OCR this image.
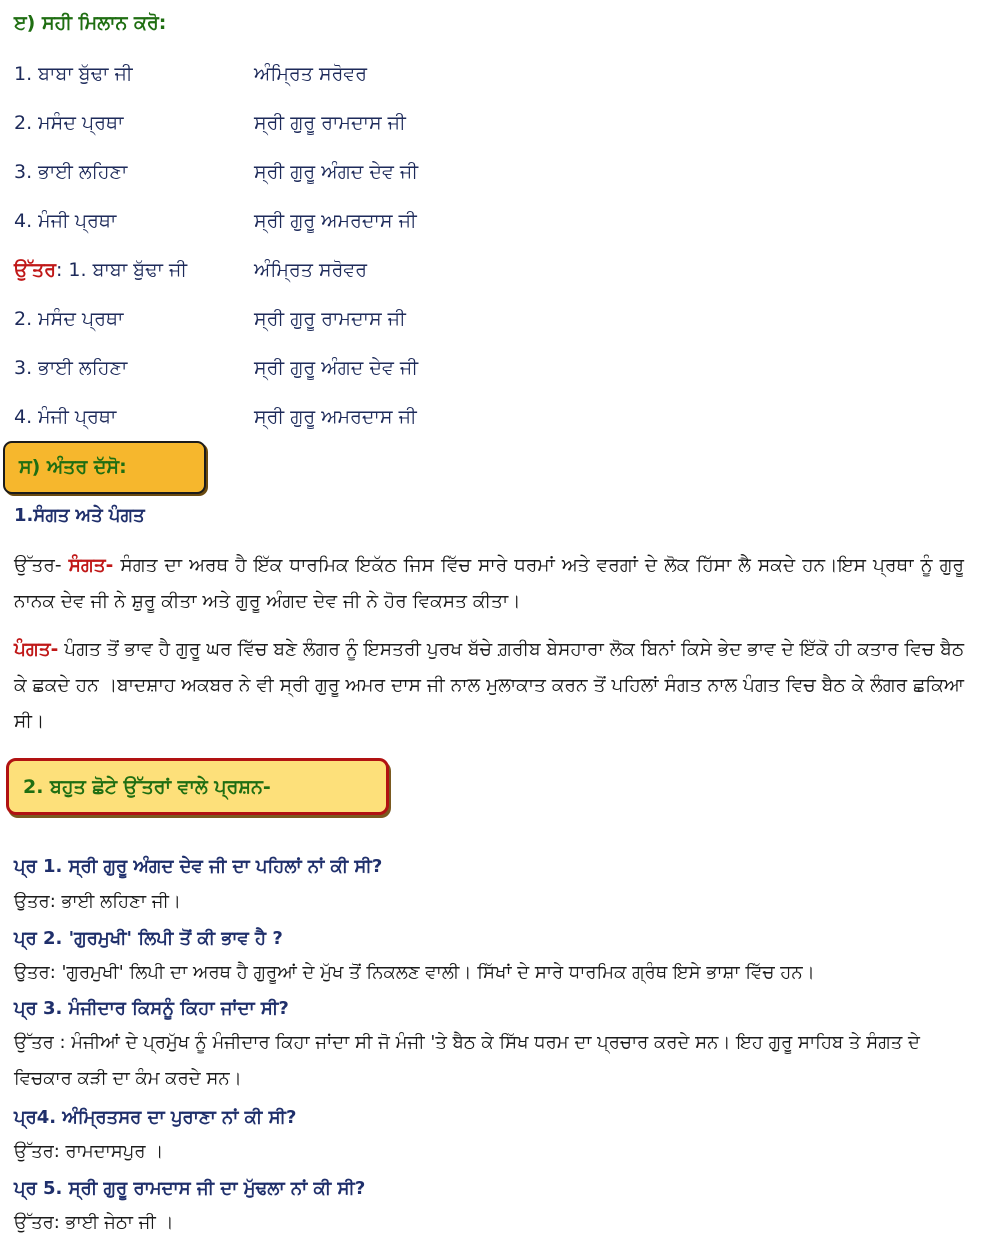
ੲ) ਸਹੀ ਮਿਲਾਨ ਕਰੋ:
1. ਬਾਬਾ ਬੁੱਢਾ ਜੀ	ਅੰਮ੍ਰਿਤ ਸਰੋਵਰ
2. ਮਸੰਦ ਪ੍ਰਥਾ	ਸ੍ਰੀ ਗੁਰੂ ਰਾਮਦਾਸ ਜੀ
3. ਭਾਈ ਲਹਿਣਾ	ਸ੍ਰੀ ਗੁਰੂ ਅੰਗਦ ਦੇਵ ਜੀ
4. ਮੰਜੀ ਪ੍ਰਥਾ	ਸ੍ਰੀ ਗੁਰੂ ਅਮਰਦਾਸ ਜੀ
ਉੱਤਰ: 1. ਬਾਬਾ ਬੁੱਢਾ ਜੀ	ਅੰਮ੍ਰਿਤ ਸਰੋਵਰ
2. ਮਸੰਦ ਪ੍ਰਥਾ	ਸ੍ਰੀ ਗੁਰੂ ਰਾਮਦਾਸ ਜੀ
3. ਭਾਈ ਲਹਿਣਾ	ਸ੍ਰੀ ਗੁਰੂ ਅੰਗਦ ਦੇਵ ਜੀ
4. ਮੰਜੀ ਪ੍ਰਥਾ	ਸ੍ਰੀ ਗੁਰੂ ਅਮਰਦਾਸ ਜੀ
ਸ) ਅੰਤਰ ਦੱਸੋ:
1.ਸੰਗਤ ਅਤੇ ਪੰਗਤ
ਉੱਤਰ- ਸੰਗਤ- ਸੰਗਤ ਦਾ ਅਰਥ ਹੈ ਇੱਕ ਧਾਰਮਿਕ ਇਕੱਠ ਜਿਸ ਵਿੱਚ ਸਾਰੇ ਧਰਮਾਂ ਅਤੇ ਵਰਗਾਂ ਦੇ ਲੋਕ ਹਿੱਸਾ ਲੈ ਸਕਦੇ ਹਨ।ਇਸ ਪ੍ਰਥਾ ਨੂੰ ਗੁਰੂ ਨਾਨਕ ਦੇਵ ਜੀ ਨੇ ਸ਼ੁਰੂ ਕੀਤਾ ਅਤੇ ਗੁਰੂ ਅੰਗਦ ਦੇਵ ਜੀ ਨੇ ਹੋਰ ਵਿਕਸਤ ਕੀਤਾ।
ਪੰਗਤ- ਪੰਗਤ ਤੋਂ ਭਾਵ ਹੈ ਗੁਰੂ ਘਰ ਵਿੱਚ ਬਣੇ ਲੰਗਰ ਨੂੰ ਇਸਤਰੀ ਪੁਰਖ ਬੱਚੇ ਗ਼ਰੀਬ ਬੇਸਹਾਰਾ ਲੋਕ ਬਿਨਾਂ ਕਿਸੇ ਭੇਦ ਭਾਵ ਦੇ ਇੱਕੋ ਹੀ ਕਤਾਰ ਵਿਚ ਬੈਠ ਕੇ ਛਕਦੇ ਹਨ ।ਬਾਦਸ਼ਾਹ ਅਕਬਰ ਨੇ ਵੀ ਸ੍ਰੀ ਗੁਰੂ ਅਮਰ ਦਾਸ ਜੀ ਨਾਲ ਮੁਲਾਕਾਤ ਕਰਨ ਤੋਂ ਪਹਿਲਾਂ ਸੰਗਤ ਨਾਲ ਪੰਗਤ ਵਿਚ ਬੈਠ ਕੇ ਲੰਗਰ ਛਕਿਆ ਸੀ।
2. ਬਹੁਤ ਛੋਟੇ ਉੱਤਰਾਂ ਵਾਲੇ ਪ੍ਰਸ਼ਨ-
ਪ੍ਰ 1. ਸ੍ਰੀ ਗੁਰੂ ਅੰਗਦ ਦੇਵ ਜੀ ਦਾ ਪਹਿਲਾਂ ਨਾਂ ਕੀ ਸੀ?
ਉਤਰ: ਭਾਈ ਲਹਿਣਾ ਜੀ।
ਪ੍ਰ 2. 'ਗੁਰਮੁਖੀ' ਲਿਪੀ ਤੋਂ ਕੀ ਭਾਵ ਹੈ ?
ਉਤਰ: 'ਗੁਰਮੁਖੀ' ਲਿਪੀ ਦਾ ਅਰਥ ਹੈ ਗੁਰੂਆਂ ਦੇ ਮੁੱਖ ਤੋਂ ਨਿਕਲਣ ਵਾਲੀ। ਸਿੱਖਾਂ ਦੇ ਸਾਰੇ ਧਾਰਮਿਕ ਗ੍ਰੰਥ ਇਸੇ ਭਾਸ਼ਾ ਵਿੱਚ ਹਨ।
ਪ੍ਰ 3. ਮੰਜੀਦਾਰ ਕਿਸਨੂੰ ਕਿਹਾ ਜਾਂਦਾ ਸੀ?
ਉੱਤਰ : ਮੰਜੀਆਂ ਦੇ ਪ੍ਰਮੁੱਖ ਨੂੰ ਮੰਜੀਦਾਰ ਕਿਹਾ ਜਾਂਦਾ ਸੀ ਜੋ ਮੰਜੀ 'ਤੇ ਬੈਠ ਕੇ ਸਿੱਖ ਧਰਮ ਦਾ ਪ੍ਰਚਾਰ ਕਰਦੇ ਸਨ। ਇਹ ਗੁਰੂ ਸਾਹਿਬ ਤੇ ਸੰਗਤ ਦੇ ਵਿਚਕਾਰ ਕੜੀ ਦਾ ਕੰਮ ਕਰਦੇ ਸਨ।
ਪ੍ਰ4. ਅੰਮ੍ਰਿਤਸਰ ਦਾ ਪੁਰਾਣਾ ਨਾਂ ਕੀ ਸੀ?
ਉੱਤਰ: ਰਾਮਦਾਸਪੁਰ ।
ਪ੍ਰ 5. ਸ੍ਰੀ ਗੁਰੂ ਰਾਮਦਾਸ ਜੀ ਦਾ ਮੁੱਢਲਾ ਨਾਂ ਕੀ ਸੀ?
ਉੱਤਰ: ਭਾਈ ਜੇਠਾ ਜੀ ।
